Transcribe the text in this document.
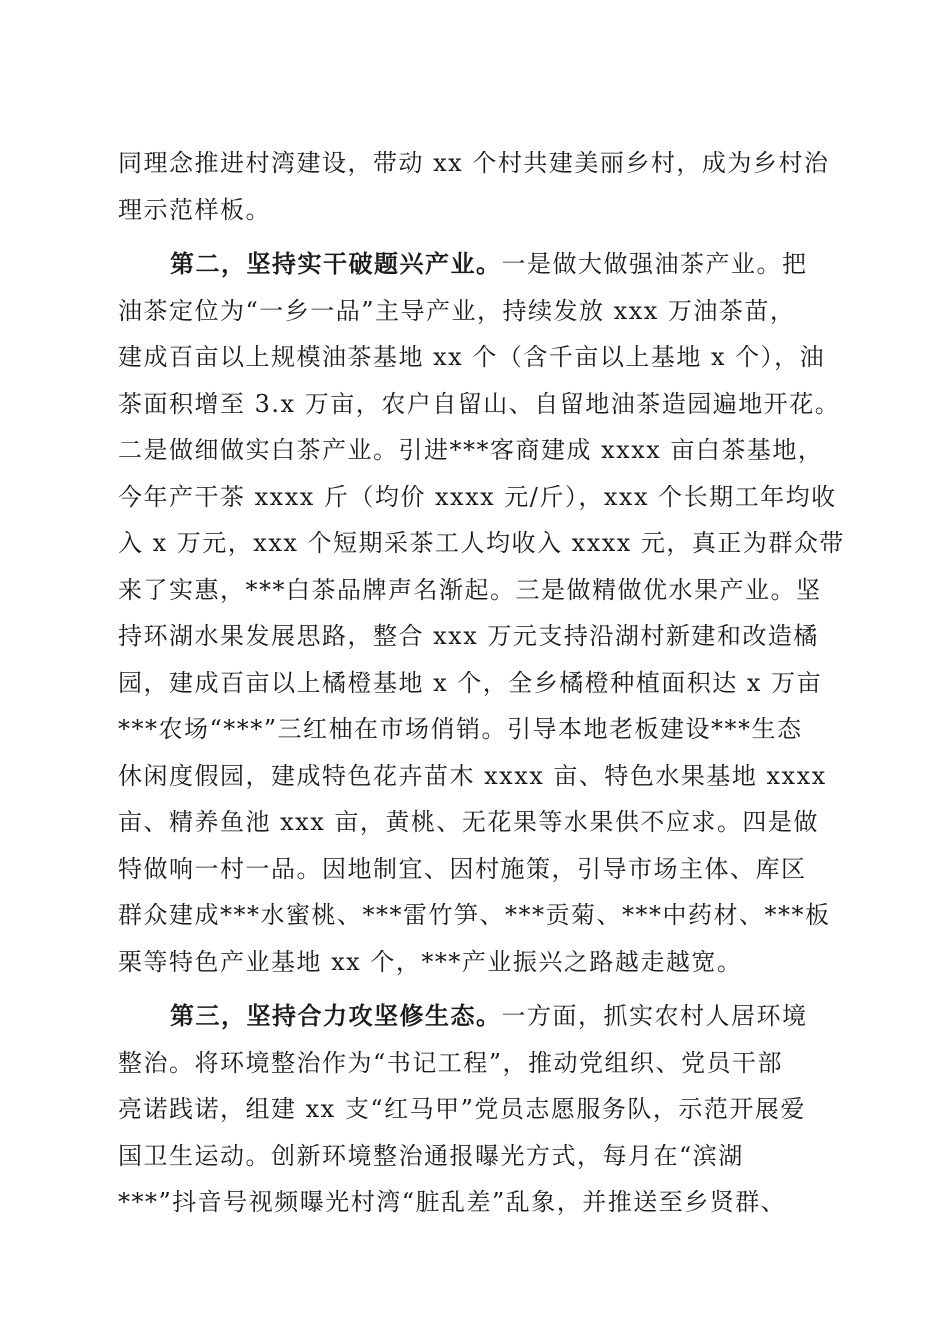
同理念推进村湾建设，带动 xx 个村共建美丽乡村，成为乡村治
理示范样板。
第二，坚持实干破题兴产业。一是做大做强油茶产业。把
油茶定位为“一乡一品”主导产业，持续发放 xxx 万油茶苗，
建成百亩以上规模油茶基地 xx 个（含千亩以上基地 x 个），油
茶面积增至 3.x 万亩，农户自留山、自留地油茶造园遍地开花。
二是做细做实白茶产业。引进***客商建成 xxxx 亩白茶基地，
今年产干茶 xxxx 斤（均价 xxxx 元/斤），xxx 个长期工年均收
入 x 万元，xxx 个短期采茶工人均收入 xxxx 元，真正为群众带
来了实惠，***白茶品牌声名渐起。三是做精做优水果产业。坚
持环湖水果发展思路，整合 xxx 万元支持沿湖村新建和改造橘
园，建成百亩以上橘橙基地 x 个，全乡橘橙种植面积达 x 万亩
***农场“***”三红柚在市场俏销。引导本地老板建设***生态
休闲度假园，建成特色花卉苗木 xxxx 亩、特色水果基地 xxxx
亩、精养鱼池 xxx 亩，黄桃、无花果等水果供不应求。四是做
特做响一村一品。因地制宜、因村施策，引导市场主体、库区
群众建成***水蜜桃、***雷竹笋、***贡菊、***中药材、***板
栗等特色产业基地 xx 个，***产业振兴之路越走越宽。
第三，坚持合力攻坚修生态。一方面，抓实农村人居环境
整治。将环境整治作为“书记工程”，推动党组织、党员干部
亮诺践诺，组建 xx 支“红马甲”党员志愿服务队，示范开展爱
国卫生运动。创新环境整治通报曝光方式，每月在“滨湖
***”抖音号视频曝光村湾“脏乱差”乱象，并推送至乡贤群、
